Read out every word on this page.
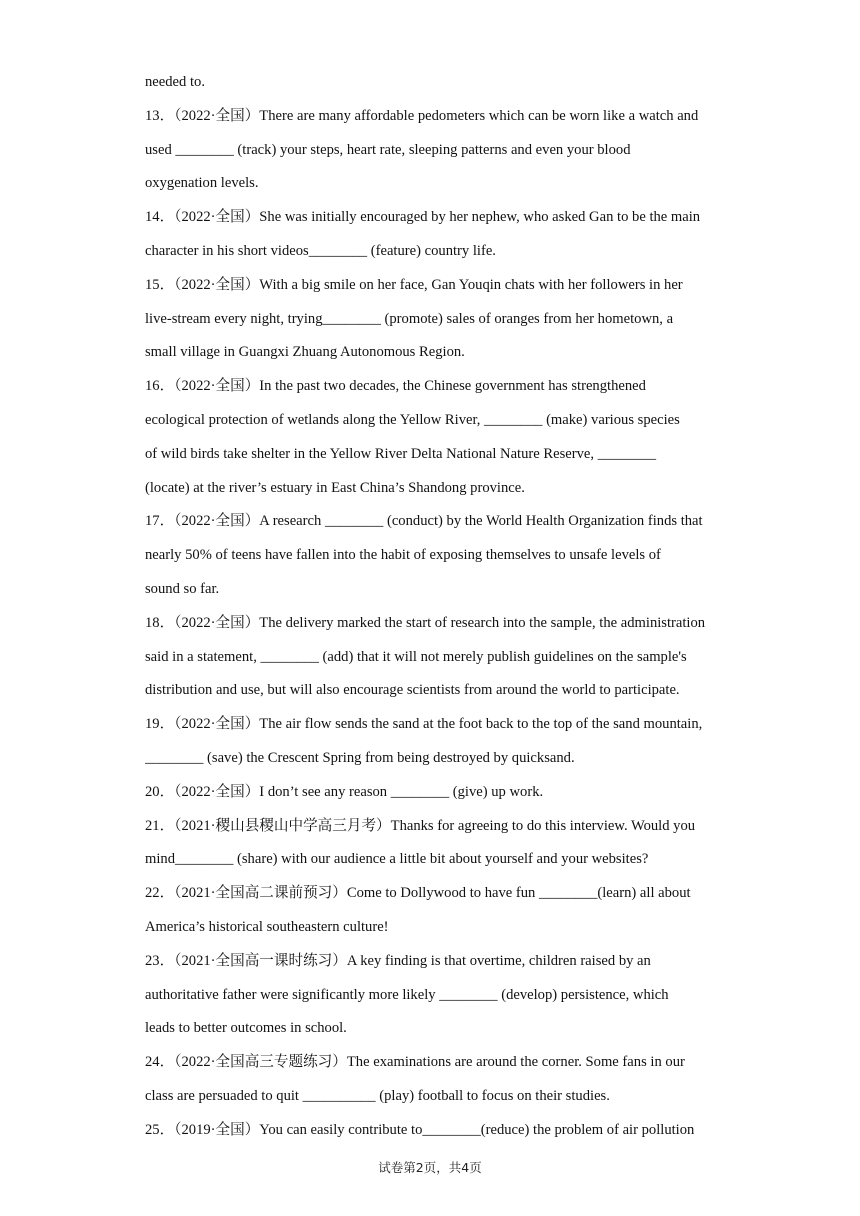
needed to.
13．（2022·全国）There are many affordable pedometers which can be worn like a watch and
used ________ (track) your steps, heart rate, sleeping patterns and even your blood
oxygenation levels.
14．（2022·全国）She was initially encouraged by her nephew, who asked Gan to be the main
character in his short videos________ (feature) country life.
15．（2022·全国）With a big smile on her face, Gan Youqin chats with her followers in her
live-stream every night, trying________ (promote) sales of oranges from her hometown, a
small village in Guangxi Zhuang Autonomous Region.
16．（2022·全国）In the past two decades, the Chinese government has strengthened
ecological protection of wetlands along the Yellow River, ________ (make) various species
of wild birds take shelter in the Yellow River Delta National Nature Reserve, ________
(locate) at the river’s estuary in East China’s Shandong province.
17．（2022·全国）A research ________ (conduct) by the World Health Organization finds that
nearly 50% of teens have fallen into the habit of exposing themselves to unsafe levels of
sound so far.
18．（2022·全国）The delivery marked the start of research into the sample, the administration
said in a statement, ________ (add) that it will not merely publish guidelines on the sample's
distribution and use, but will also encourage scientists from around the world to participate.
19．（2022·全国）The air flow sends the sand at the foot back to the top of the sand mountain,
________ (save) the Crescent Spring from being destroyed by quicksand.
20．（2022·全国）I don’t see any reason ________ (give) up work.
21．（2021·稷山县稷山中学高三月考）Thanks for agreeing to do this interview. Would you
mind________ (share) with our audience a little bit about yourself and your websites?
22．（2021·全国高二课前预习）Come to Dollywood to have fun ________(learn) all about
America’s historical southeastern culture!
23．（2021·全国高一课时练习）A key finding is that overtime, children raised by an
authoritative father were significantly more likely ________ (develop) persistence, which
leads to better outcomes in school.
24．（2022·全国高三专题练习）The examinations are around the corner. Some fans in our
class are persuaded to quit __________ (play) football to focus on their studies.
25．（2019·全国）You can easily contribute to________(reduce) the problem of air pollution
试卷第2页，共4页
